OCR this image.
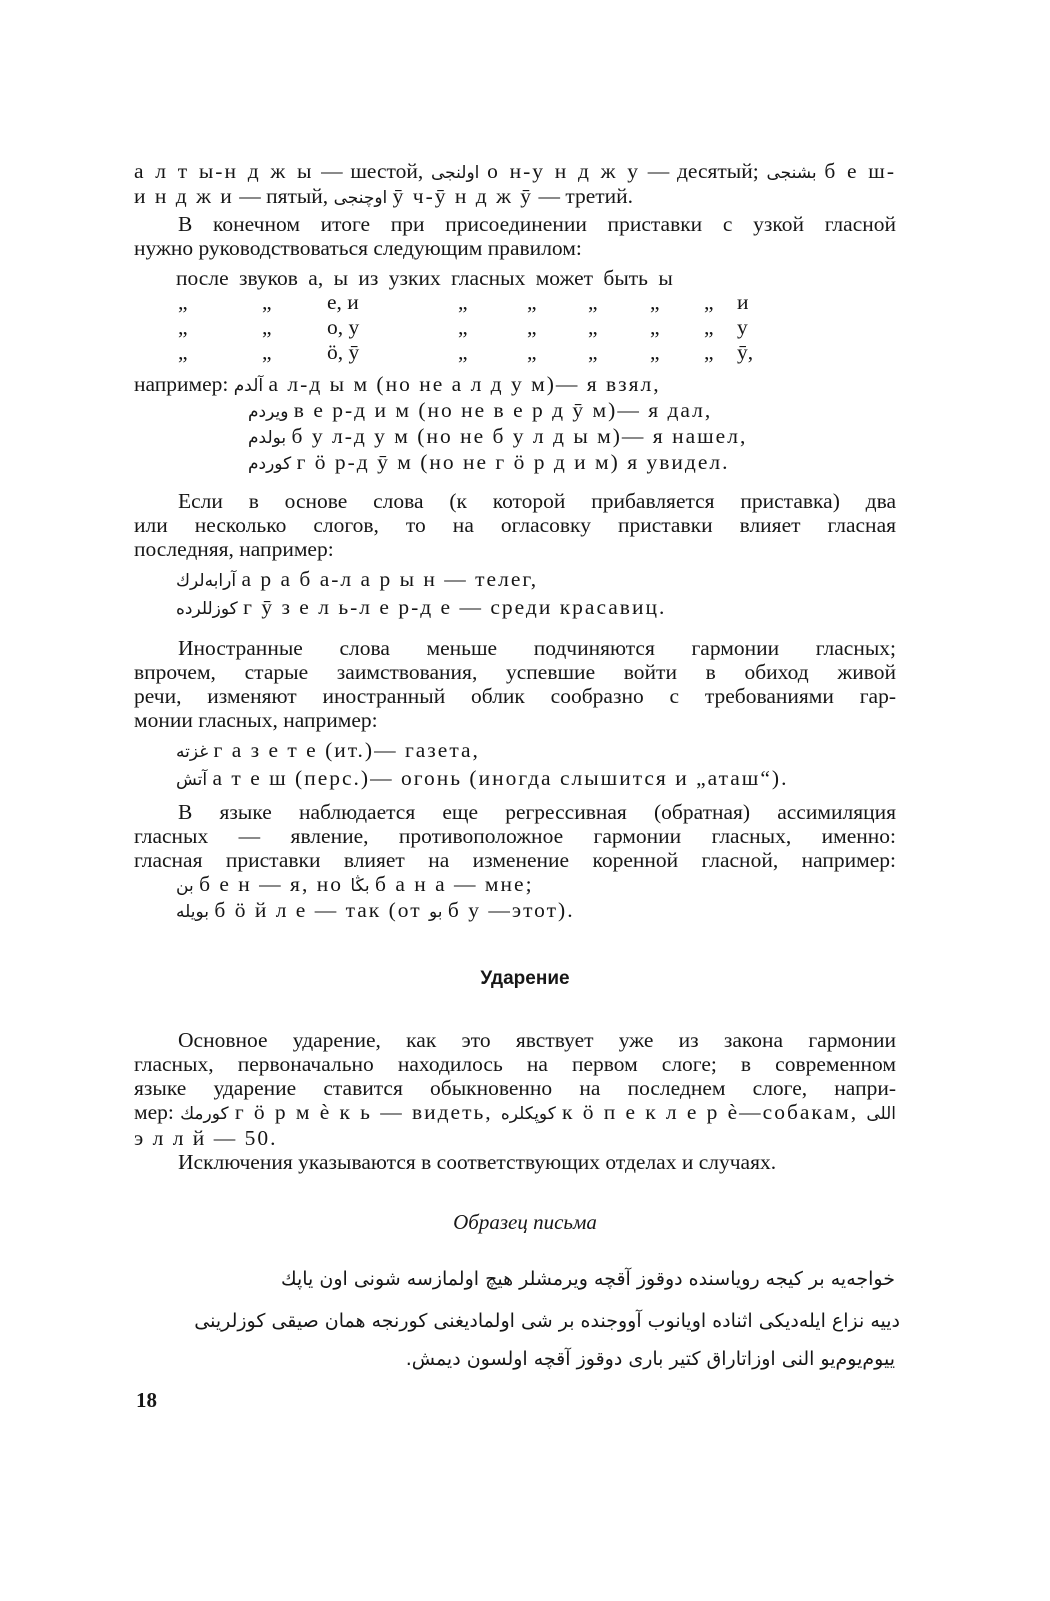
а л т ы-н д ж ы — шестой, اولنجی о н-у н д ж у — десятый; بشنجی б е ш-
и н д ж и — пятый, اوچنجی ӯ ч-ӯ н д ж ӯ — третий.
В конечном итоге при присоединении приставки с узкой гласной
нужно руководствоваться следующим правилом:
после звуков а, ы из узких гласных может быть ы
„	„	е, и	„	„ „ „ „ и
„	„	о, у	„	„ „ „ „ у
„	„	ö, ӯ	„	„ „ „ „ ӯ,
например: آلدم а л-д ы м (но не а л д у м)— я взял,
ویردم в е р-д и м (но не в е р д ӯ м)— я дал,
بولدم б у л-д у м (но не б у л д ы м)— я нашел,
کوردم г ö р-д ӯ м (но не г ö р д и м) я увидел.
Если в основе слова (к которой прибавляется приставка) два
или несколько слогов, то на огласовку приставки влияет гласная
последняя, например:
آرابه‌لرك а р а б а-л а р ы н — телег,
کوزللرده г ӯ з е л ь-л е р-д е — среди красавиц.
Иностранные слова меньше подчиняются гармонии гласных;
впрочем, старые заимствования, успевшие войти в обиход живой
речи, изменяют иностранный облик сообразно с требованиями гар-
монии гласных, например:
غزته г а з е т е (ит.)— газета,
آتش а т е ш (перс.)— огонь (иногда слышится и „аташ“).
В языке наблюдается еще регрессивная (обратная) ассимиляция
гласных — явление, противоположное гармонии гласных, именно:
гласная приставки влияет на изменение коренной гласной, например:
بن б е н — я, но بڭا б а н а — мне;
بویله б ö й л е — так (от بو б у —этот).
Ударение
Основное ударение, как это явствует уже из закона гармонии
гласных, первоначально находилось на первом слоге; в современном
языке ударение ставится обыкновенно на последнем слоге, напри-
мер: کورمك г ö р м ѐ к ь — видеть, کوپکلره к ö п е к л е р ѐ—собакам, اللی
э л л й — 50.
Исключения указываются в соответствующих отделах и случаях.
Образец письма
خواجه‌یه بر کیجه رویاسنده دوقوز آقچه ویرمشلر هیچ اولمازسه شونی اون یاپك
دییه نزاع ایله‌دیکی اثناده اویانوب آووجنده بر شی اولمادیغنی کورنجه همان صیقی کوزلرینی
ییوم‌یوم‌یو النی اوزاتاراق کتیر باری دوقوز آقچه اولسون دیمش.
18
